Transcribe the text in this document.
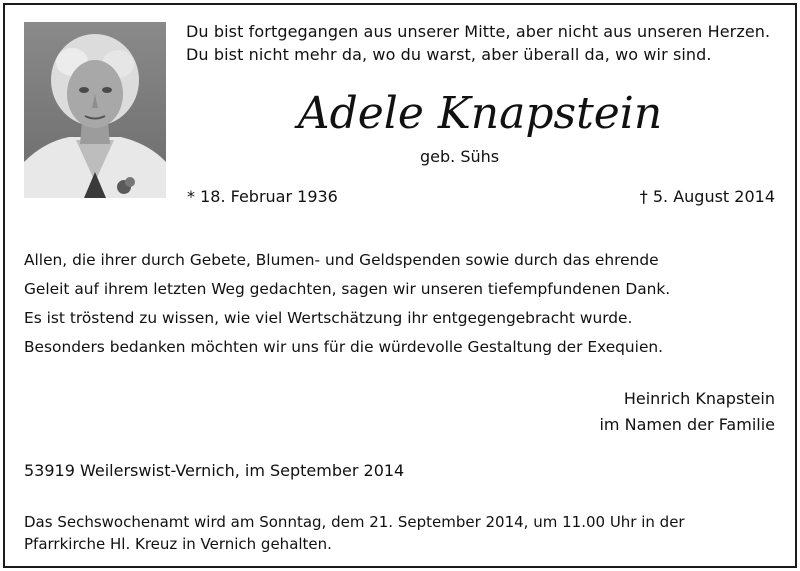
Du bist fortgegangen aus unserer Mitte, aber nicht aus unseren Herzen.
Du bist nicht mehr da, wo du warst, aber überall da, wo wir sind.
Adele Knapstein
geb. Sühs
* 18. Februar 1936	† 5. August 2014
Allen, die ihrer durch Gebete, Blumen- und Geldspenden sowie durch das ehrende
Geleit auf ihrem letzten Weg gedachten, sagen wir unseren tiefempfundenen Dank.
Es ist tröstend zu wissen, wie viel Wertschätzung ihr entgegengebracht wurde.
Besonders bedanken möchten wir uns für die würdevolle Gestaltung der Exequien.
Heinrich Knapstein
im Namen der Familie
53919 Weilerswist-Vernich, im September 2014
Das Sechswochenamt wird am Sonntag, dem 21. September 2014, um 11.00 Uhr in der
Pfarrkirche Hl. Kreuz in Vernich gehalten.
